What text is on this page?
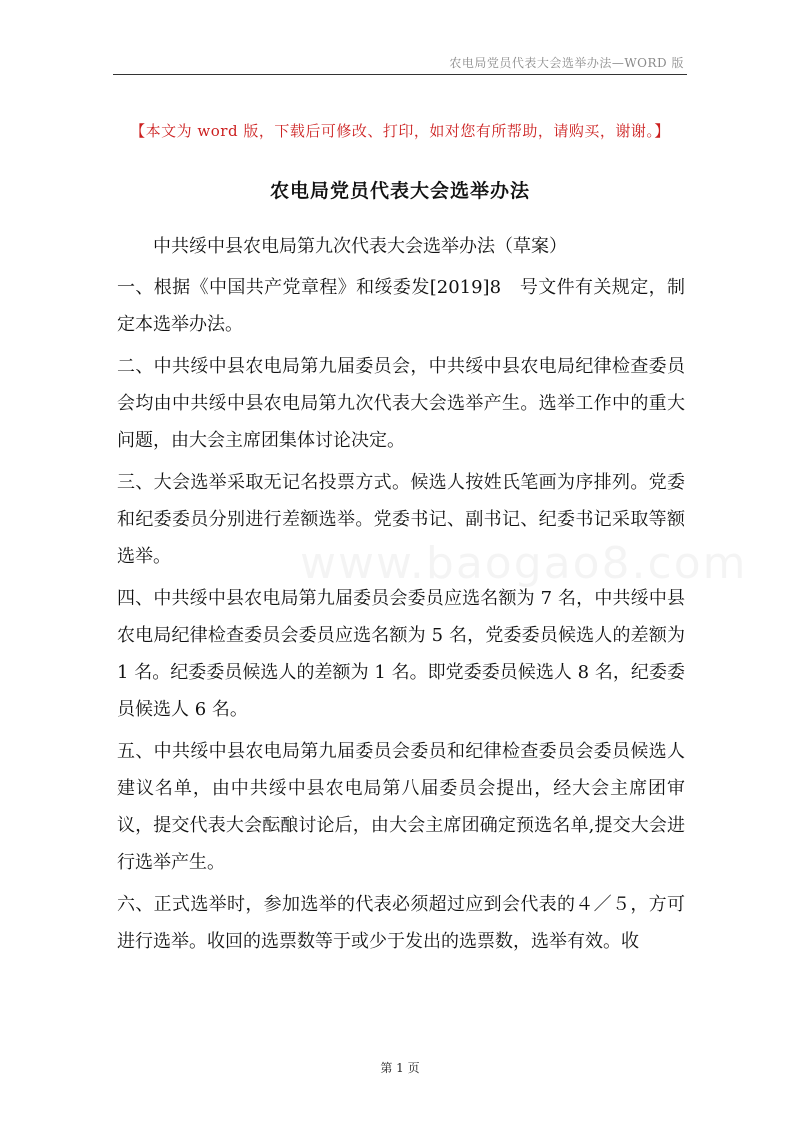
农电局党员代表大会选举办法—WORD 版
【本文为 word 版，下载后可修改、打印，如对您有所帮助，请购买，谢谢。】
农电局党员代表大会选举办法

中共绥中县农电局第九次代表大会选举办法（草案）

一、根据《中国共产党章程》和绥委发[2019]8　号文件有关规定，制定本选举办法。

二、中共绥中县农电局第九届委员会，中共绥中县农电局纪律检查委员会均由中共绥中县农电局第九次代表大会选举产生。选举工作中的重大问题，由大会主席团集体讨论决定。

三、大会选举采取无记名投票方式。候选人按姓氏笔画为序排列。党委和纪委委员分别进行差额选举。党委书记、副书记、纪委书记采取等额选举。

四、中共绥中县农电局第九届委员会委员应选名额为 7 名，中共绥中县农电局纪律检查委员会委员应选名额为 5 名，党委委员候选人的差额为 1 名。纪委委员候选人的差额为 1 名。即党委委员候选人 8 名，纪委委员候选人 6 名。

五、中共绥中县农电局第九届委员会委员和纪律检查委员会委员候选人建议名单，由中共绥中县农电局第八届委员会提出，经大会主席团审议，提交代表大会酝酿讨论后，由大会主席团确定预选名单,提交大会进行选举产生。

六、正式选举时，参加选举的代表必须超过应到会代表的４／５，方可进行选举。收回的选票数等于或少于发出的选票数，选举有效。收

第 1 页
